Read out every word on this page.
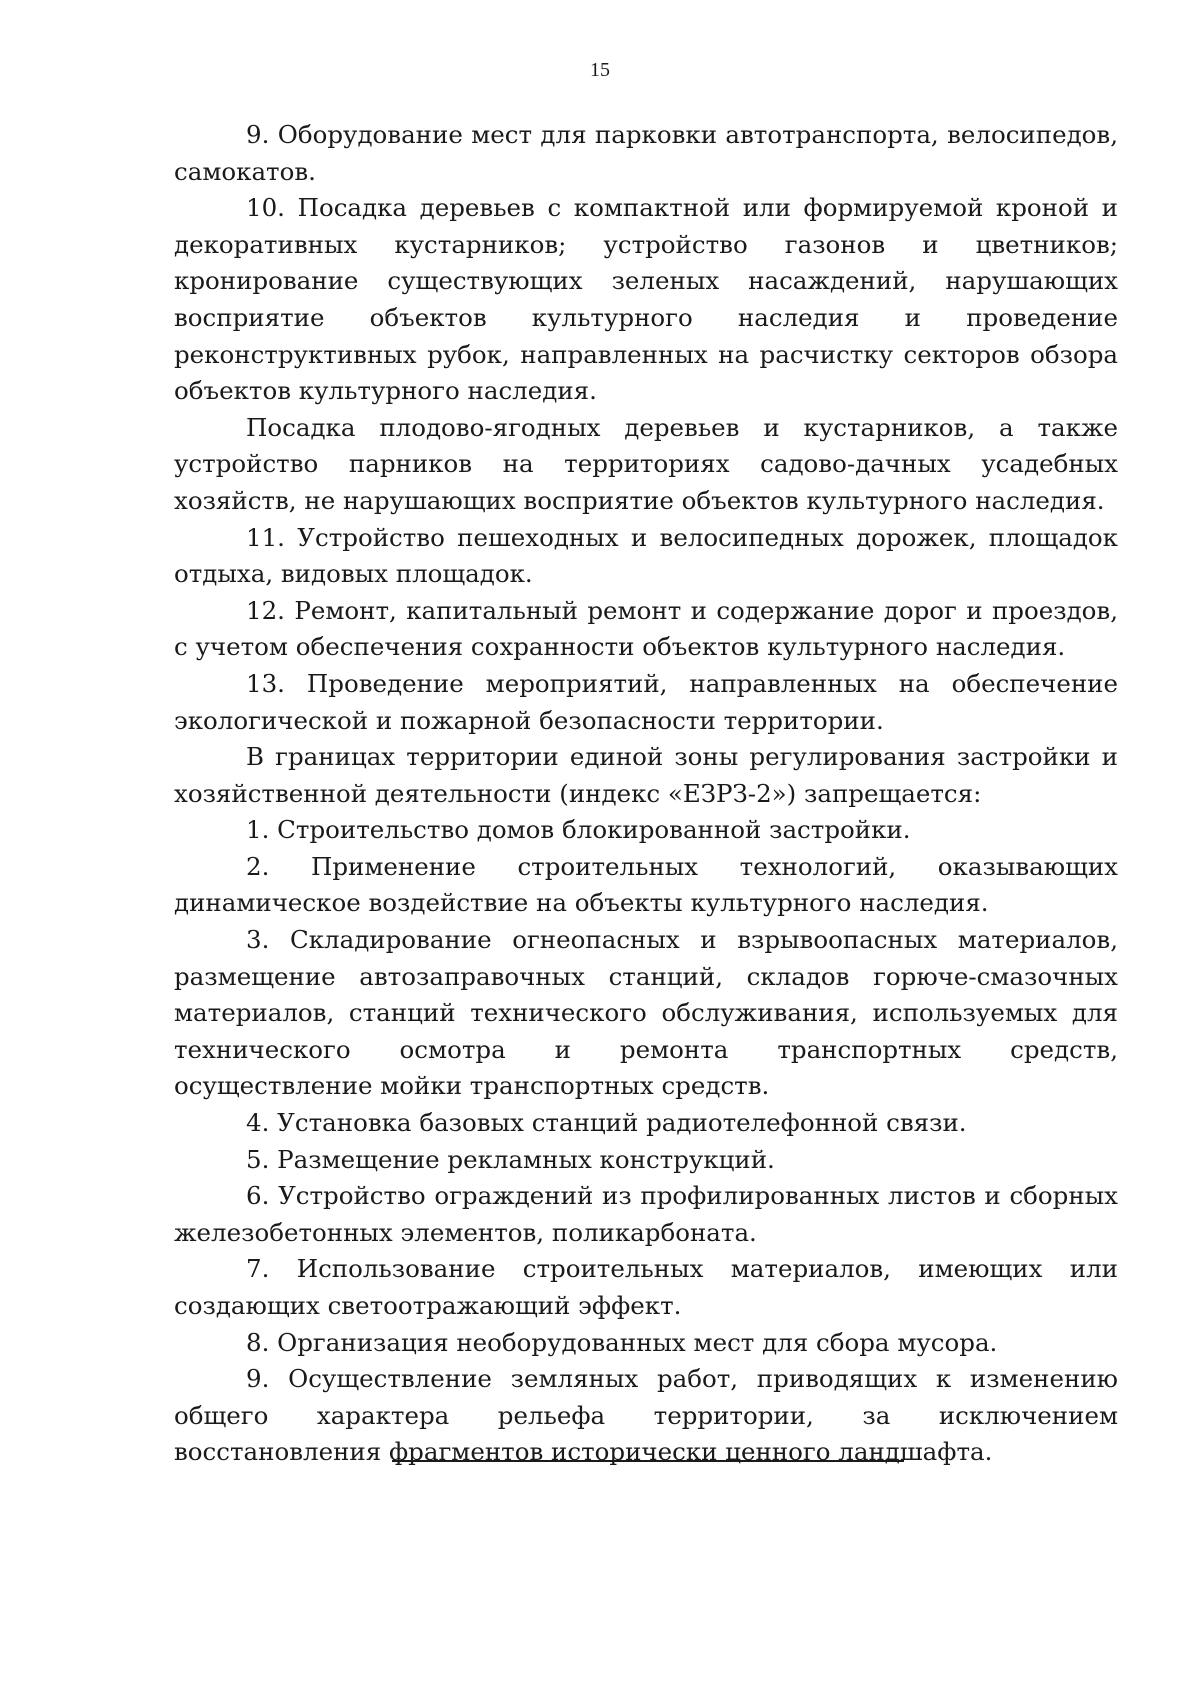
15

9. Оборудование мест для парковки автотранспорта, велосипедов, самокатов.

10. Посадка деревьев с компактной или формируемой кроной и декоративных кустарников; устройство газонов и цветников; кронирование существующих зеленых насаждений, нарушающих восприятие объектов культурного наследия и проведение реконструктивных рубок, направленных на расчистку секторов обзора объектов культурного наследия.

Посадка плодово-ягодных деревьев и кустарников, а также устройство парников на территориях садово-дачных усадебных хозяйств, не нарушающих восприятие объектов культурного наследия.

11. Устройство пешеходных и велосипедных дорожек, площадок отдыха, видовых площадок.

12. Ремонт, капитальный ремонт и содержание дорог и проездов, с учетом обеспечения сохранности объектов культурного наследия.

13. Проведение мероприятий, направленных на обеспечение экологической и пожарной безопасности территории.

В границах территории единой зоны регулирования застройки и хозяйственной деятельности (индекс «ЕЗРЗ-2») запрещается:

1. Строительство домов блокированной застройки.

2. Применение строительных технологий, оказывающих динамическое воздействие на объекты культурного наследия.

3. Складирование огнеопасных и взрывоопасных материалов, размещение автозаправочных станций, складов горюче-смазочных материалов, станций технического обслуживания, используемых для технического осмотра и ремонта транспортных средств, осуществление мойки транспортных средств.

4. Установка базовых станций радиотелефонной связи.

5. Размещение рекламных конструкций.

6. Устройство ограждений из профилированных листов и сборных железобетонных элементов, поликарбоната.

7. Использование строительных материалов, имеющих или создающих светоотражающий эффект.

8. Организация необорудованных мест для сбора мусора.

9. Осуществление земляных работ, приводящих к изменению общего характера рельефа территории, за исключением восстановления фрагментов исторически ценного ландшафта.
